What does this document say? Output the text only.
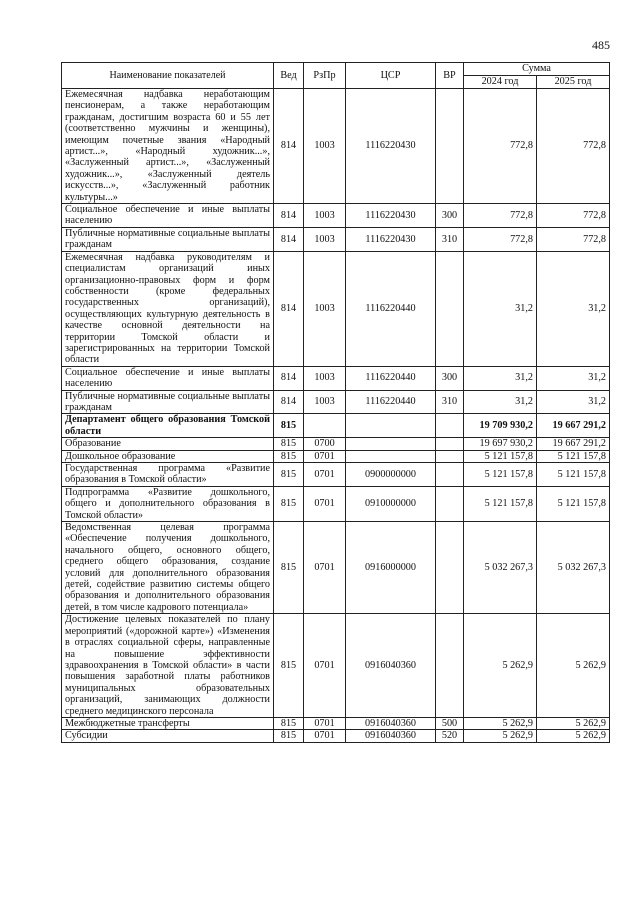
485
Наименование показателей	Вед	РзПр	ЦСР	ВР	Сумма	
					2024 год	2025 год
Ежемесячная надбавка неработающим пенсионерам, а также неработающим гражданам, достигшим возраста 60 и 55 лет (соответственно мужчины и женщины), имеющим почетные звания «Народный артист...», «Народный художник...», «Заслуженный артист...», «Заслуженный художник...», «Заслуженный деятель искусств...», «Заслуженный работник культуры...»	814	1003	1116220430		772,8	772,8
Социальное обеспечение и иные выплаты населению	814	1003	1116220430	300	772,8	772,8
Публичные нормативные социальные выплаты гражданам	814	1003	1116220430	310	772,8	772,8
Ежемесячная надбавка руководителям и специалистам организаций иных организационно-правовых форм и форм собственности (кроме федеральных государственных организаций), осуществляющих культурную деятельность в качестве основной деятельности на территории Томской области и зарегистрированных на территории Томской области	814	1003	1116220440		31,2	31,2
Социальное обеспечение и иные выплаты населению	814	1003	1116220440	300	31,2	31,2
Публичные нормативные социальные выплаты гражданам	814	1003	1116220440	310	31,2	31,2
Департамент общего образования Томской области	815				19 709 930,2	19 667 291,2
Образование	815	0700			19 697 930,2	19 667 291,2
Дошкольное образование	815	0701			5 121 157,8	5 121 157,8
Государственная программа «Развитие образования в Томской области»	815	0701	0900000000		5 121 157,8	5 121 157,8
Подпрограмма «Развитие дошкольного, общего и дополнительного образования в Томской области»	815	0701	0910000000		5 121 157,8	5 121 157,8
Ведомственная целевая программа «Обеспечение получения дошкольного, начального общего, основного общего, среднего общего образования, создание условий для дополнительного образования детей, содействие развитию системы общего образования и дополнительного образования детей, в том числе кадрового потенциала»	815	0701	0916000000		5 032 267,3	5 032 267,3
Достижение целевых показателей по плану мероприятий («дорожной карте») «Изменения в отраслях социальной сферы, направленные на повышение эффективности здравоохранения в Томской области» в части повышения заработной платы работников муниципальных образовательных организаций, занимающих должности среднего медицинского персонала	815	0701	0916040360		5 262,9	5 262,9
Межбюджетные трансферты	815	0701	0916040360	500	5 262,9	5 262,9
Субсидии	815	0701	0916040360	520	5 262,9	5 262,9
